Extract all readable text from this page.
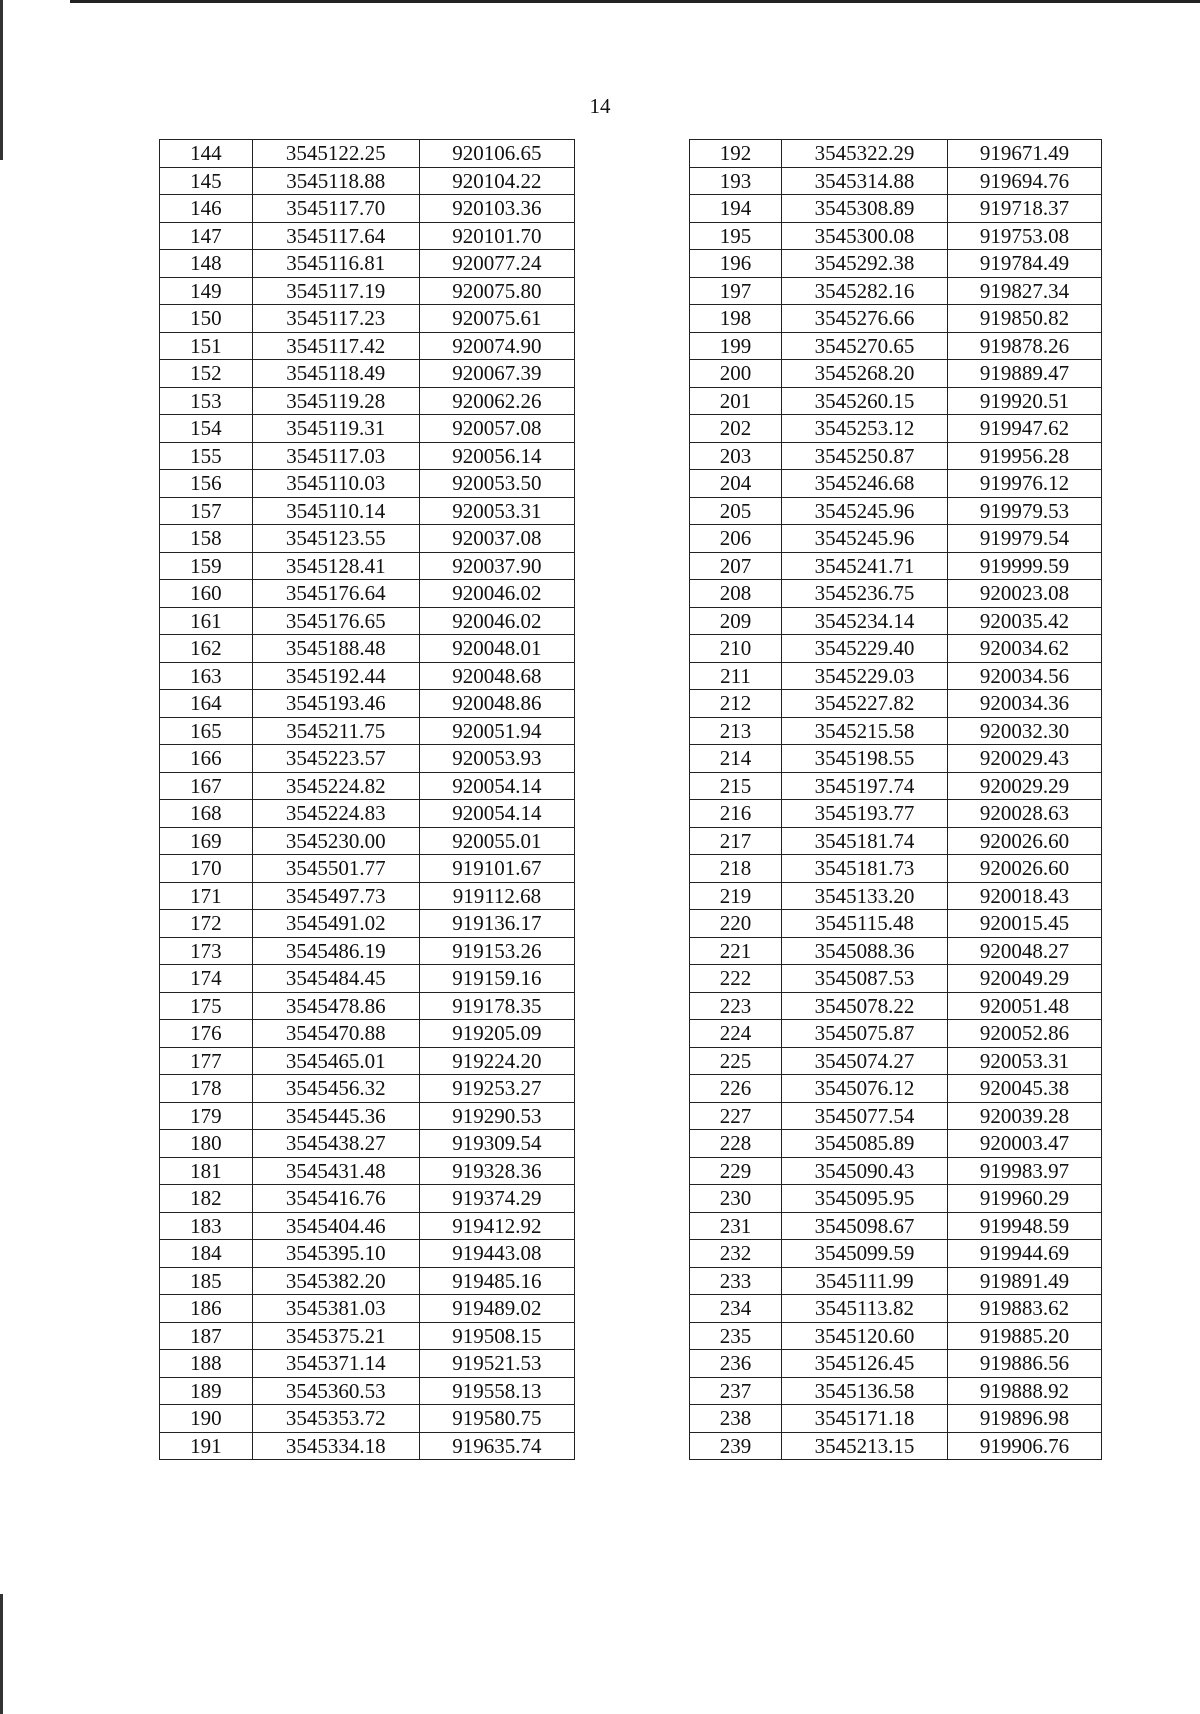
14
144	3545122.25	920106.65
145	3545118.88	920104.22
146	3545117.70	920103.36
147	3545117.64	920101.70
148	3545116.81	920077.24
149	3545117.19	920075.80
150	3545117.23	920075.61
151	3545117.42	920074.90
152	3545118.49	920067.39
153	3545119.28	920062.26
154	3545119.31	920057.08
155	3545117.03	920056.14
156	3545110.03	920053.50
157	3545110.14	920053.31
158	3545123.55	920037.08
159	3545128.41	920037.90
160	3545176.64	920046.02
161	3545176.65	920046.02
162	3545188.48	920048.01
163	3545192.44	920048.68
164	3545193.46	920048.86
165	3545211.75	920051.94
166	3545223.57	920053.93
167	3545224.82	920054.14
168	3545224.83	920054.14
169	3545230.00	920055.01
170	3545501.77	919101.67
171	3545497.73	919112.68
172	3545491.02	919136.17
173	3545486.19	919153.26
174	3545484.45	919159.16
175	3545478.86	919178.35
176	3545470.88	919205.09
177	3545465.01	919224.20
178	3545456.32	919253.27
179	3545445.36	919290.53
180	3545438.27	919309.54
181	3545431.48	919328.36
182	3545416.76	919374.29
183	3545404.46	919412.92
184	3545395.10	919443.08
185	3545382.20	919485.16
186	3545381.03	919489.02
187	3545375.21	919508.15
188	3545371.14	919521.53
189	3545360.53	919558.13
190	3545353.72	919580.75
191	3545334.18	919635.74
192	3545322.29	919671.49
193	3545314.88	919694.76
194	3545308.89	919718.37
195	3545300.08	919753.08
196	3545292.38	919784.49
197	3545282.16	919827.34
198	3545276.66	919850.82
199	3545270.65	919878.26
200	3545268.20	919889.47
201	3545260.15	919920.51
202	3545253.12	919947.62
203	3545250.87	919956.28
204	3545246.68	919976.12
205	3545245.96	919979.53
206	3545245.96	919979.54
207	3545241.71	919999.59
208	3545236.75	920023.08
209	3545234.14	920035.42
210	3545229.40	920034.62
211	3545229.03	920034.56
212	3545227.82	920034.36
213	3545215.58	920032.30
214	3545198.55	920029.43
215	3545197.74	920029.29
216	3545193.77	920028.63
217	3545181.74	920026.60
218	3545181.73	920026.60
219	3545133.20	920018.43
220	3545115.48	920015.45
221	3545088.36	920048.27
222	3545087.53	920049.29
223	3545078.22	920051.48
224	3545075.87	920052.86
225	3545074.27	920053.31
226	3545076.12	920045.38
227	3545077.54	920039.28
228	3545085.89	920003.47
229	3545090.43	919983.97
230	3545095.95	919960.29
231	3545098.67	919948.59
232	3545099.59	919944.69
233	3545111.99	919891.49
234	3545113.82	919883.62
235	3545120.60	919885.20
236	3545126.45	919886.56
237	3545136.58	919888.92
238	3545171.18	919896.98
239	3545213.15	919906.76
